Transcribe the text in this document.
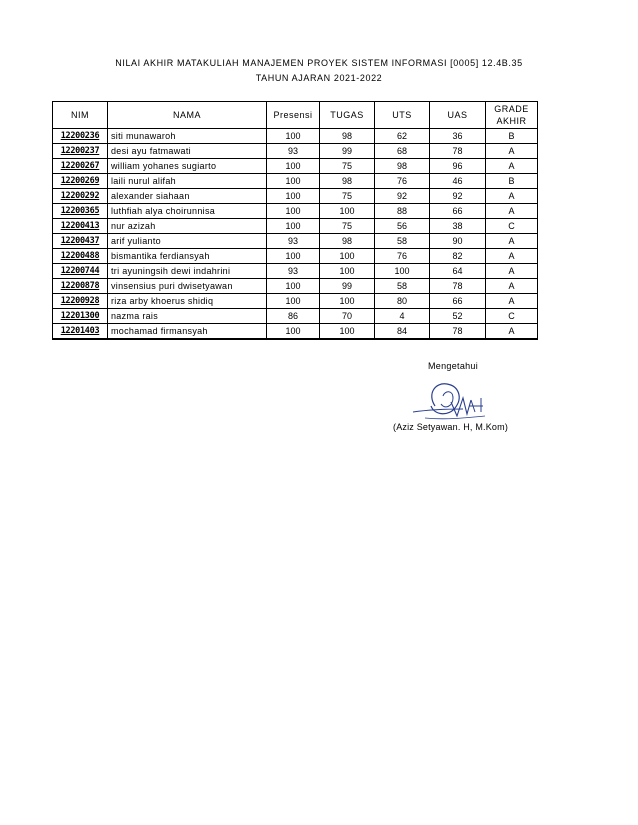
NILAI AKHIR MATAKULIAH MANAJEMEN PROYEK SISTEM INFORMASI [0005] 12.4B.35
TAHUN AJARAN 2021-2022
NIM	NAMA	Presensi	TUGAS	UTS	UAS	GRADE
AKHIR
12200236	siti munawaroh	100	98	62	36	B
12200237	desi ayu fatmawati	93	99	68	78	A
12200267	william yohanes sugiarto	100	75	98	96	A
12200269	laili nurul alifah	100	98	76	46	B
12200292	alexander siahaan	100	75	92	92	A
12200365	luthfiah alya choirunnisa	100	100	88	66	A
12200413	nur azizah	100	75	56	38	C
12200437	arif yulianto	93	98	58	90	A
12200488	bismantika ferdiansyah	100	100	76	82	A
12200744	tri ayuningsih dewi indahrini	93	100	100	64	A
12200878	vinsensius puri dwisetyawan	100	99	58	78	A
12200928	riza arby khoerus shidiq	100	100	80	66	A
12201300	nazma rais	86	70	4	52	C
12201403	mochamad firmansyah	100	100	84	78	A
Mengetahui
(Aziz Setyawan. H, M.Kom)
